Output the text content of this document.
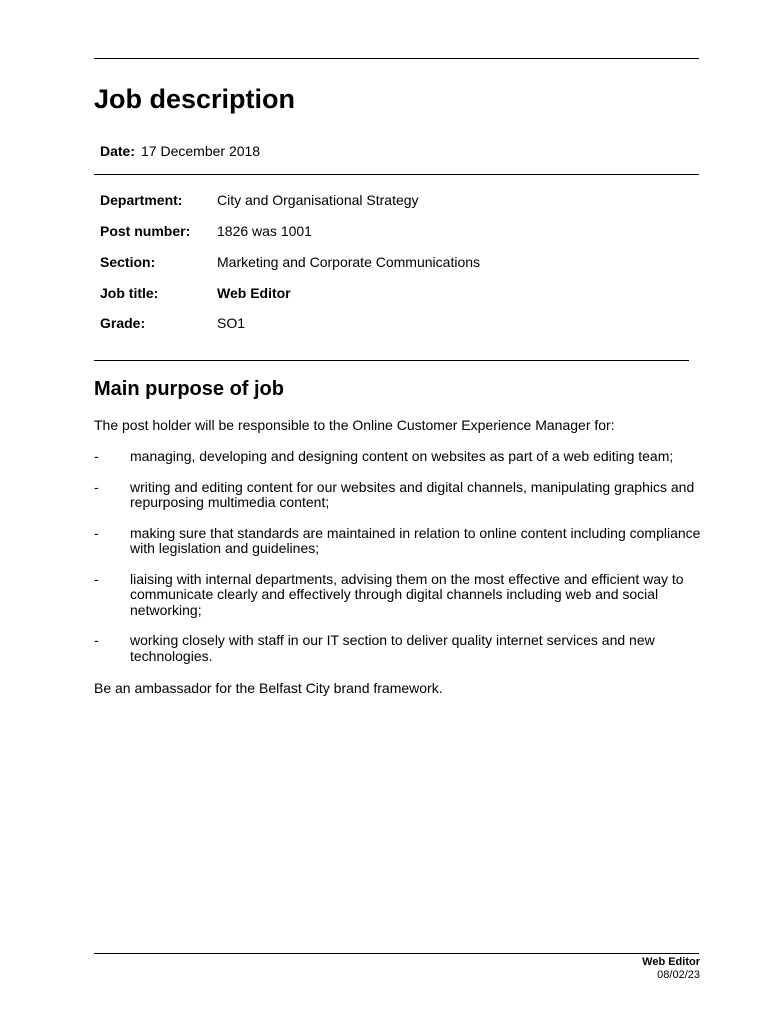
Job description
Date: 17 December 2018
Department:	City and Organisational Strategy
Post number:	1826 was 1001
Section:	Marketing and Corporate Communications
Job title:	Web Editor
Grade:	SO1
Main purpose of job
The post holder will be responsible to the Online Customer Experience Manager for:
- managing, developing and designing content on websites as part of a web editing team;
- writing and editing content for our websites and digital channels, manipulating graphics and repurposing multimedia content;
- making sure that standards are maintained in relation to online content including compliance with legislation and guidelines;
- liaising with internal departments, advising them on the most effective and efficient way to communicate clearly and effectively through digital channels including web and social networking;
- working closely with staff in our IT section to deliver quality internet services and new technologies.
Be an ambassador for the Belfast City brand framework.
Web Editor
08/02/23
